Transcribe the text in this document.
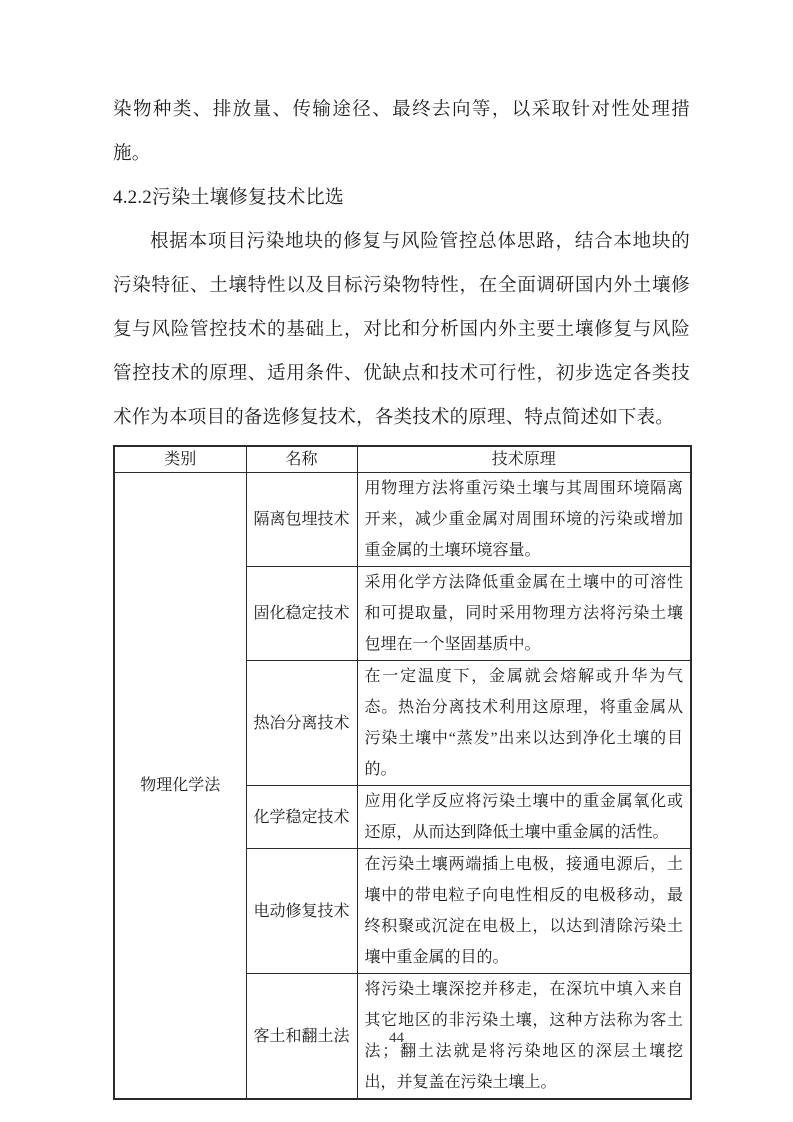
染物种类、排放量、传输途径、最终去向等，以采取针对性处理措施。

4.2.2污染土壤修复技术比选

根据本项目污染地块的修复与风险管控总体思路，结合本地块的污染特征、土壤特性以及目标污染物特性，在全面调研国内外土壤修复与风险管控技术的基础上，对比和分析国内外主要土壤修复与风险管控技术的原理、适用条件、优缺点和技术可行性，初步选定各类技术作为本项目的备选修复技术，各类技术的原理、特点简述如下表。

类别	名称	技术原理
物理化学法	隔离包埋技术	用物理方法将重污染土壤与其周围环境隔离开来，减少重金属对周围环境的污染或增加重金属的土壤环境容量。
	固化稳定技术	采用化学方法降低重金属在土壤中的可溶性和可提取量，同时采用物理方法将污染土壤包埋在一个坚固基质中。
	热冶分离技术	在一定温度下，金属就会熔解或升华为气态。热治分离技术利用这原理，将重金属从污染土壤中“蒸发”出来以达到净化土壤的目的。
	化学稳定技术	应用化学反应将污染土壤中的重金属氧化或还原，从而达到降低土壤中重金属的活性。
	电动修复技术	在污染土壤两端插上电极，接通电源后，土壤中的带电粒子向电性相反的电极移动，最终积聚或沉淀在电极上，以达到清除污染土壤中重金属的目的。
	客土和翻土法	将污染土壤深挖并移走，在深坑中填入来自其它地区的非污染土壤，这种方法称为客土法；翻土法就是将污染地区的深层土壤挖出，并复盖在污染土壤上。
44
